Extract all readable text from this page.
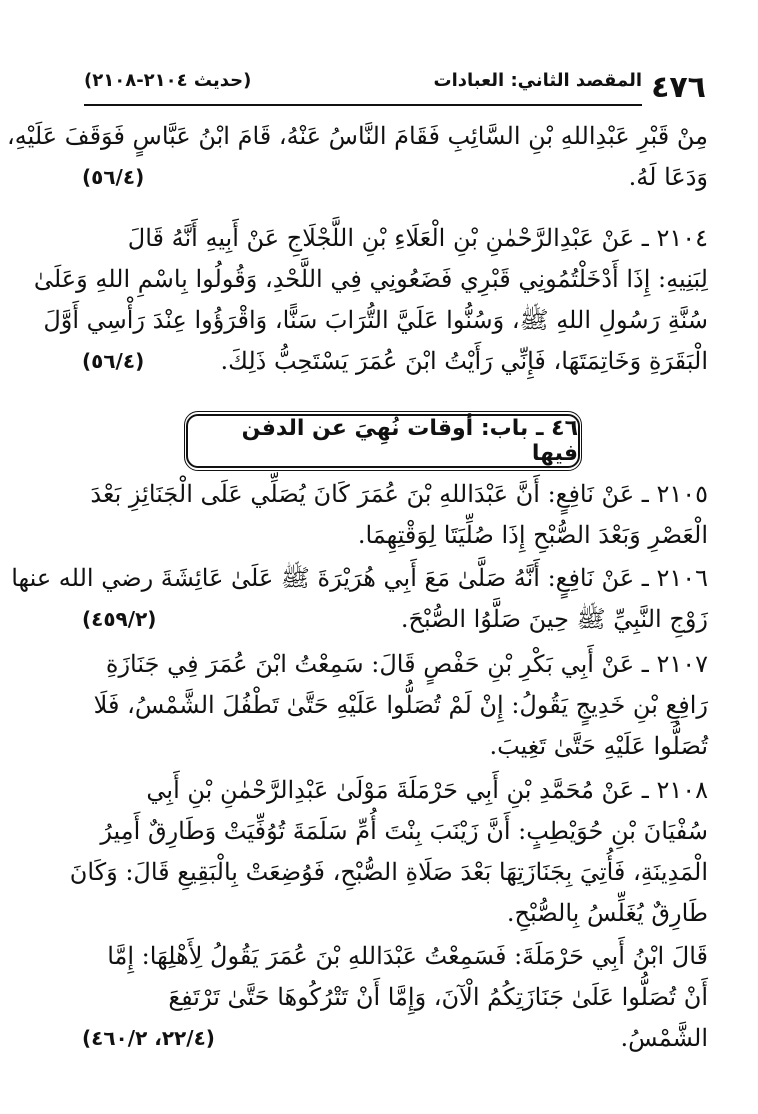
٤٧٦
المقصد الثاني: العبادات
(حديث ٢١٠٤-٢١٠٨)
مِنْ قَبْرِ عَبْدِاللهِ بْنِ السَّائِبِ فَقَامَ النَّاسُ عَنْهُ، قَامَ ابْنُ عَبَّاسٍ فَوَقَفَ عَلَيْهِ،
وَدَعَا لَهُ.
(٥٦/٤)
٢١٠٤ ـ عَنْ عَبْدِالرَّحْمٰنِ بْنِ الْعَلَاءِ بْنِ اللَّجْلَاجِ عَنْ أَبِيهِ أَنَّهُ قَالَ
لِبَنِيهِ: إِذَا أَدْخَلْتُمُونِي قَبْرِي فَضَعُونِي فِي اللَّحْدِ، وَقُولُوا بِاسْمِ اللهِ وَعَلَىٰ
سُنَّةِ رَسُولِ اللهِ ﷺ، وَسُنُّوا عَلَيَّ التُّرَابَ سَنًّا، وَاقْرَؤُوا عِنْدَ رَأْسِي أَوَّلَ
الْبَقَرَةِ وَخَاتِمَتَهَا، فَإِنِّي رَأَيْتُ ابْنَ عُمَرَ يَسْتَحِبُّ ذَلِكَ.
(٥٦/٤)
٤٦ ـ باب: أوقات نُهِيَ عن الدفن فيها
٢١٠٥ ـ عَنْ نَافِعٍ: أَنَّ عَبْدَاللهِ بْنَ عُمَرَ كَانَ يُصَلِّي عَلَى الْجَنَائِزِ بَعْدَ
الْعَصْرِ وَبَعْدَ الصُّبْحِ إِذَا صُلِّيَتَا لِوَقْتِهِمَا.
٢١٠٦ ـ عَنْ نَافِعٍ: أَنَّهُ صَلَّىٰ مَعَ أَبِي هُرَيْرَةَ ﷺ عَلَىٰ عَائِشَةَ رضي الله عنها
زَوْجِ النَّبِيِّ ﷺ حِينَ صَلَّوُا الصُّبْحَ.
(٤٥٩/٢)
٢١٠٧ ـ عَنْ أَبِي بَكْرِ بْنِ حَفْصٍ قَالَ: سَمِعْتُ ابْنَ عُمَرَ فِي جَنَازَةِ
رَافِعِ بْنِ خَدِيجٍ يَقُولُ: إِنْ لَمْ تُصَلُّوا عَلَيْهِ حَتَّىٰ تَطْفُلَ الشَّمْسُ، فَلَا
تُصَلُّوا عَلَيْهِ حَتَّىٰ تَغِيبَ.
٢١٠٨ ـ عَنْ مُحَمَّدِ بْنِ أَبِي حَرْمَلَةَ مَوْلَىٰ عَبْدِالرَّحْمٰنِ بْنِ أَبِي
سُفْيَانَ بْنِ حُوَيْطِبٍ: أَنَّ زَيْنَبَ بِنْتَ أُمِّ سَلَمَةَ تُوُفِّيَتْ وَطَارِقٌ أَمِيرُ
الْمَدِينَةِ، فَأُتِيَ بِجَنَازَتِهَا بَعْدَ صَلَاةِ الصُّبْحِ، فَوُضِعَتْ بِالْبَقِيعِ قَالَ: وَكَانَ
طَارِقٌ يُغَلِّسُ بِالصُّبْحِ.
قَالَ ابْنُ أَبِي حَرْمَلَةَ: فَسَمِعْتُ عَبْدَاللهِ بْنَ عُمَرَ يَقُولُ لِأَهْلِهَا: إِمَّا
أَنْ تُصَلُّوا عَلَىٰ جَنَازَتِكُمُ الْآنَ، وَإِمَّا أَنْ تَتْرُكُوهَا حَتَّىٰ تَرْتَفِعَ
الشَّمْسُ.
(٢٢/٤، ٤٦٠/٢)
